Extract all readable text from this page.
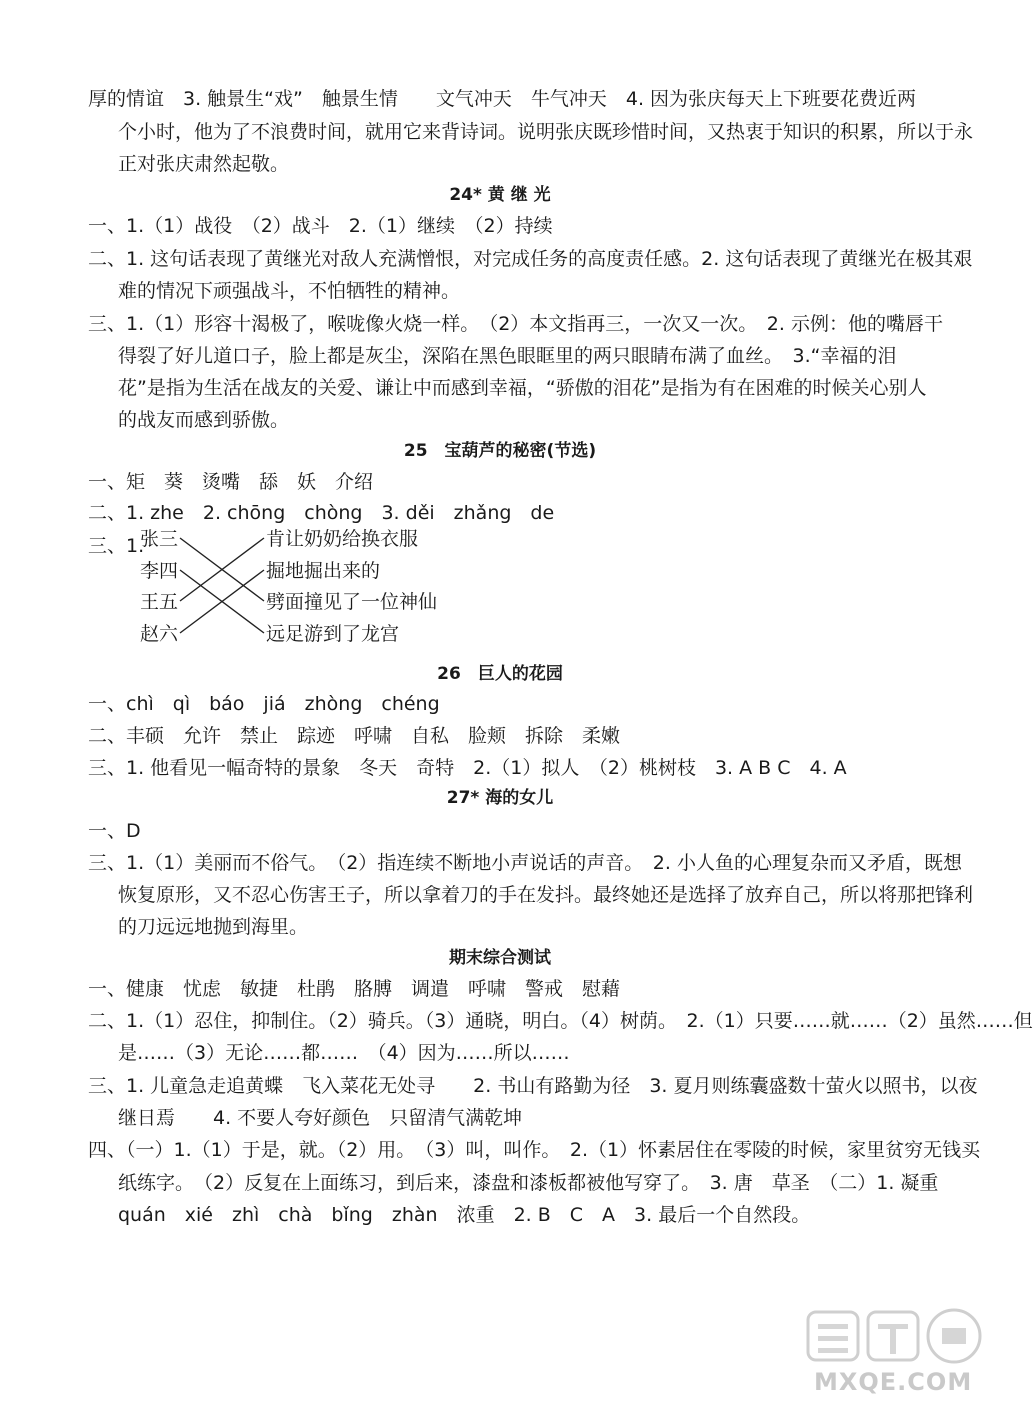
厚的情谊　3. 触景生“戏”　触景生情　　文气冲天　牛气冲天　4. 因为张庆每天上下班要花费近两
个小时，他为了不浪费时间，就用它来背诗词。说明张庆既珍惜时间，又热衷于知识的积累，所以于永
正对张庆肃然起敬。
24* 黄 继 光
一、1.（1）战役　（2）战斗　2.（1）继续　（2）持续
二、1. 这句话表现了黄继光对敌人充满憎恨，对完成任务的高度责任感。2. 这句话表现了黄继光在极其艰
难的情况下顽强战斗，不怕牺牲的精神。
三、1.（1）形容十渴极了，喉咙像火烧一样。　（2）本文指再三，一次又一次。　2. 示例：他的嘴唇干
得裂了好儿道口子，脸上都是灰尘，深陷在黑色眼眶里的两只眼睛布满了血丝。　3.“幸福的泪
花”是指为生活在战友的关爱、谦让中而感到幸福，“骄傲的泪花”是指为有在困难的时候关心别人
的战友而感到骄傲。
25　宝葫芦的秘密(节选)
一、矩　葵　烫嘴　舔　妖　介绍
二、1. zhe　2. chōng　chòng　3. děi　zhǎng　de
三、1.
张三
李四
王五
赵六
肯让奶奶给换衣服
掘地掘出来的
劈面撞见了一位神仙
远足游到了龙宫
26　巨人的花园
一、chì　qì　báo　jiá　zhòng　chéng
二、丰硕　允许　禁止　踪迹　呼啸　自私　脸颊　拆除　柔嫩
三、1. 他看见一幅奇特的景象　冬天　奇特　2.（1）拟人　（2）桃树枝　3. A B C　4. A
27* 海的女儿
一、D
三、1.（1）美丽而不俗气。　（2）指连续不断地小声说话的声音。　2. 小人鱼的心理复杂而又矛盾，既想
恢复原形，又不忍心伤害王子，所以拿着刀的手在发抖。最终她还是选择了放弃自己，所以将那把锋利
的刀远远地抛到海里。
期末综合测试
一、健康　忧虑　敏捷　杜鹃　胳膊　调遣　呼啸　警戒　慰藉
二、1.（1）忍住，抑制住。（2）骑兵。（3）通晓，明白。（4）树荫。　2.（1）只要……就……（2）虽然……但
是……（3）无论……都……　（4）因为……所以……
三、1. 儿童急走追黄蝶　飞入菜花无处寻　　2. 书山有路勤为径　3. 夏月则练囊盛数十萤火以照书，以夜
继日焉　　4. 不要人夸好颜色　只留清气满乾坤
四、（一）1.（1）于是，就。（2）用。　（3）叫，叫作。　2.（1）怀素居住在零陵的时候，家里贫穷无钱买
纸练字。　（2）反复在上面练习，到后来，漆盘和漆板都被他写穿了。　3. 唐　草圣　（二）1. 凝重
quán　xié　zhì　chà　bǐng　zhàn　浓重　2. B　C　A　3. 最后一个自然段。
MXQE.COM
